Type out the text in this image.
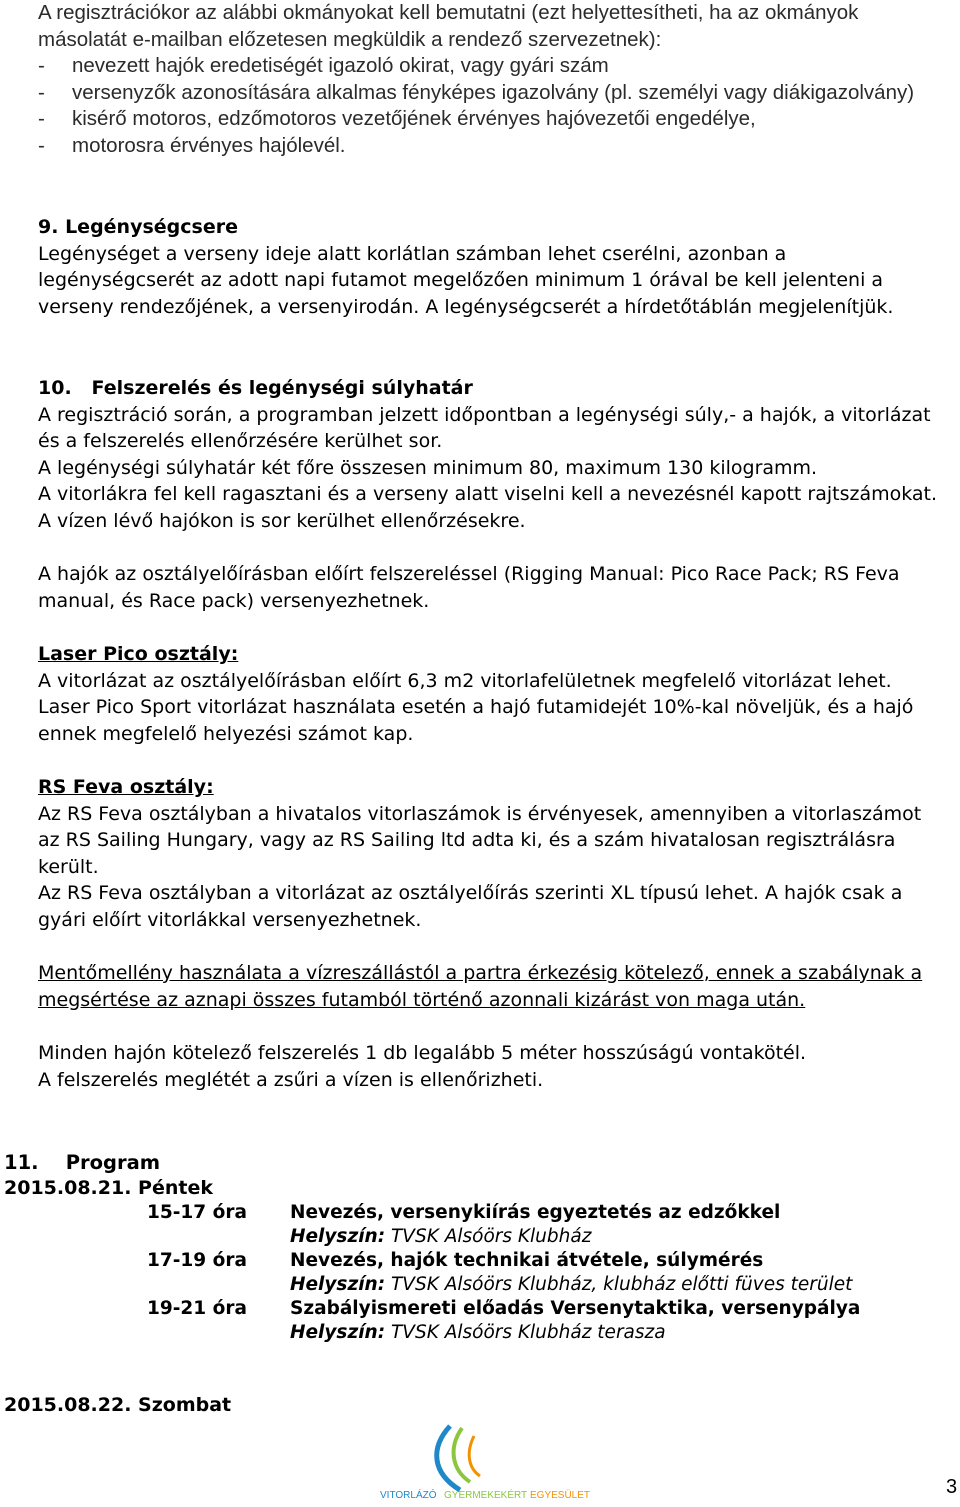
A regisztrációkor az alábbi okmányokat kell bemutatni (ezt helyettesítheti, ha az okmányok másolatát e-mailban előzetesen megküldik a rendező szervezetnek):

- nevezett hajók eredetiségét igazoló okirat, vagy gyári szám

- versenyzők azonosítására alkalmas fényképes igazolvány (pl. személyi vagy diákigazolvány)

- kisérő motoros, edzőmotoros vezetőjének érvényes hajóvezetői engedélye,

- motorosra érvényes hajólevél.

9. Legénységcsere

Legénységet a verseny ideje alatt korlátlan számban lehet cserélni, azonban a legénységcserét az adott napi futamot megelőzően minimum 1 órával be kell jelenteni a verseny rendezőjének, a versenyirodán. A legénységcserét a hírdetőtáblán megjelenítjük.

10. Felszerelés és legénységi súlyhatár

A regisztráció során, a programban jelzett időpontban a legénységi súly,- a hajók, a vitorlázat és a felszerelés ellenőrzésére kerülhet sor.

A legénységi súlyhatár két főre összesen minimum 80, maximum 130 kilogramm.

A vitorlákra fel kell ragasztani és a verseny alatt viselni kell a nevezésnél kapott rajtszámokat. A vízen lévő hajókon is sor kerülhet ellenőrzésekre.

A hajók az osztályelőírásban előírt felszereléssel (Rigging Manual: Pico Race Pack; RS Feva manual, és Race pack) versenyezhetnek.

Laser Pico osztály:

A vitorlázat az osztályelőírásban előírt 6,3 m2 vitorlafelületnek megfelelő vitorlázat lehet. Laser Pico Sport vitorlázat használata esetén a hajó futamidejét 10%-kal növeljük, és a hajó ennek megfelelő helyezési számot kap.

RS Feva osztály:

Az RS Feva osztályban a hivatalos vitorlaszámok is érvényesek, amennyiben a vitorlaszámot az RS Sailing Hungary, vagy az RS Sailing ltd adta ki, és a szám hivatalosan regisztrálásra került.

Az RS Feva osztályban a vitorlázat az osztályelőírás szerinti XL típusú lehet. A hajók csak a gyári előírt vitorlákkal versenyezhetnek.

Mentőmellény használata a vízreszállástól a partra érkezésig kötelező, ennek a szabálynak a megsértése az aznapi összes futamból történő azonnali kizárást von maga után.

Minden hajón kötelező felszerelés 1 db legalább 5 méter hosszúságú vontakötél.

A felszerelés meglétét a zsűri a vízen is ellenőrizheti.

11. Program
2015.08.21. Péntek
15-17 óra Nevezés, versenykiírás egyeztetés az edzőkkel
Helyszín: TVSK Alsóörs Klubház
17-19 óra Nevezés, hajók technikai átvétele, súlymérés
Helyszín: TVSK Alsóörs Klubház, klubház előtti füves terület
19-21 óra Szabályismereti előadás Versenytaktika, versenypálya
Helyszín: TVSK Alsóörs Klubház terasza
2015.08.22. Szombat
VITORLÁZÓ GYERMEKEKÉRT EGYESÜLET	3
